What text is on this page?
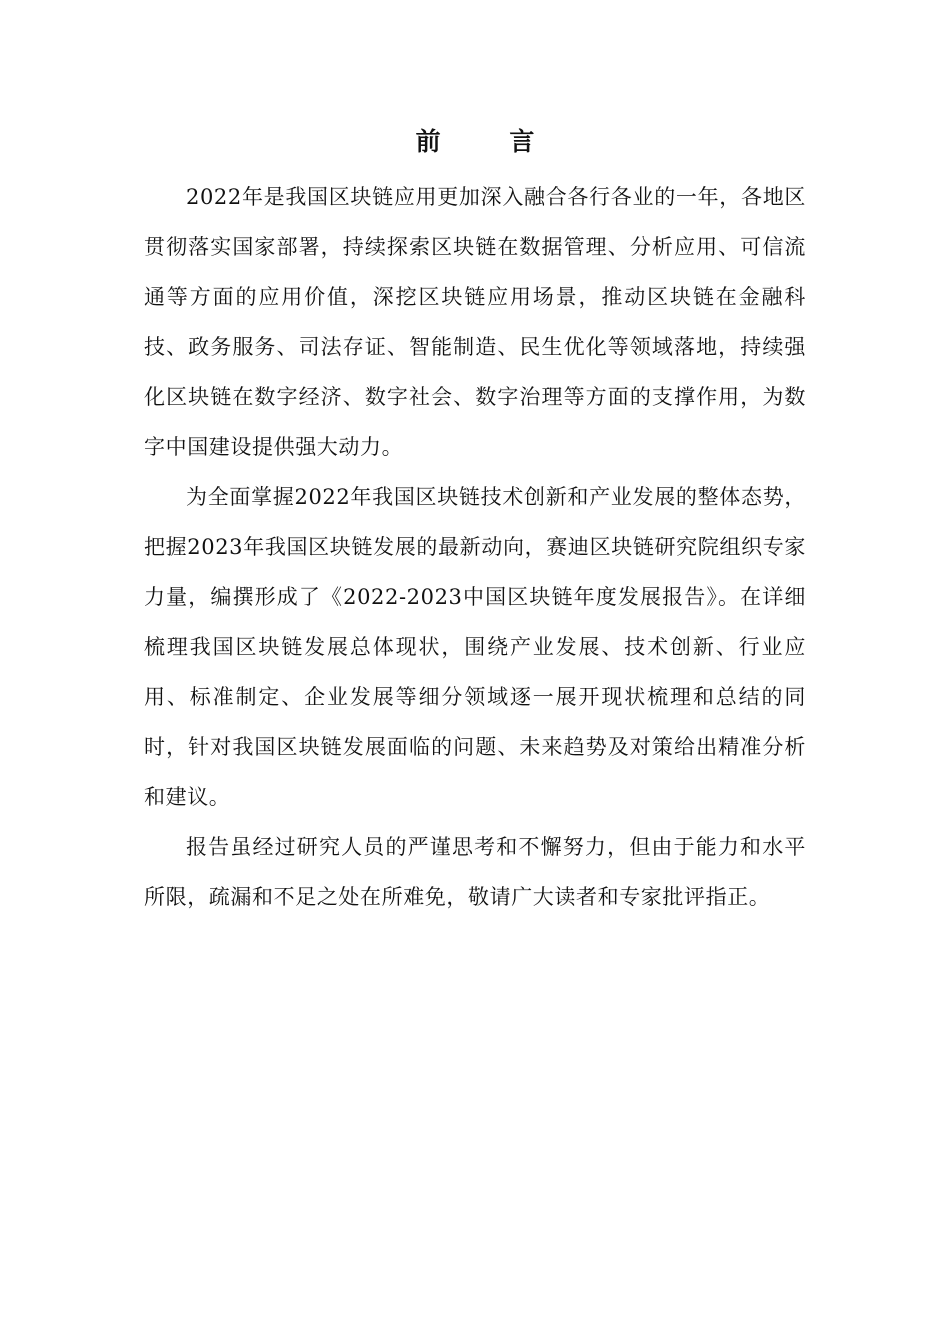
前 言

2022年是我国区块链应用更加深入融合各行各业的一年，各地区贯彻落实国家部署，持续探索区块链在数据管理、分析应用、可信流通等方面的应用价值，深挖区块链应用场景，推动区块链在金融科技、政务服务、司法存证、智能制造、民生优化等领域落地，持续强化区块链在数字经济、数字社会、数字治理等方面的支撑作用，为数字中国建设提供强大动力。

为全面掌握2022年我国区块链技术创新和产业发展的整体态势，把握2023年我国区块链发展的最新动向，赛迪区块链研究院组织专家力量，编撰形成了《2022-2023中国区块链年度发展报告》。在详细梳理我国区块链发展总体现状，围绕产业发展、技术创新、行业应用、标准制定、企业发展等细分领域逐一展开现状梳理和总结的同时，针对我国区块链发展面临的问题、未来趋势及对策给出精准分析和建议。

报告虽经过研究人员的严谨思考和不懈努力，但由于能力和水平所限，疏漏和不足之处在所难免，敬请广大读者和专家批评指正。
